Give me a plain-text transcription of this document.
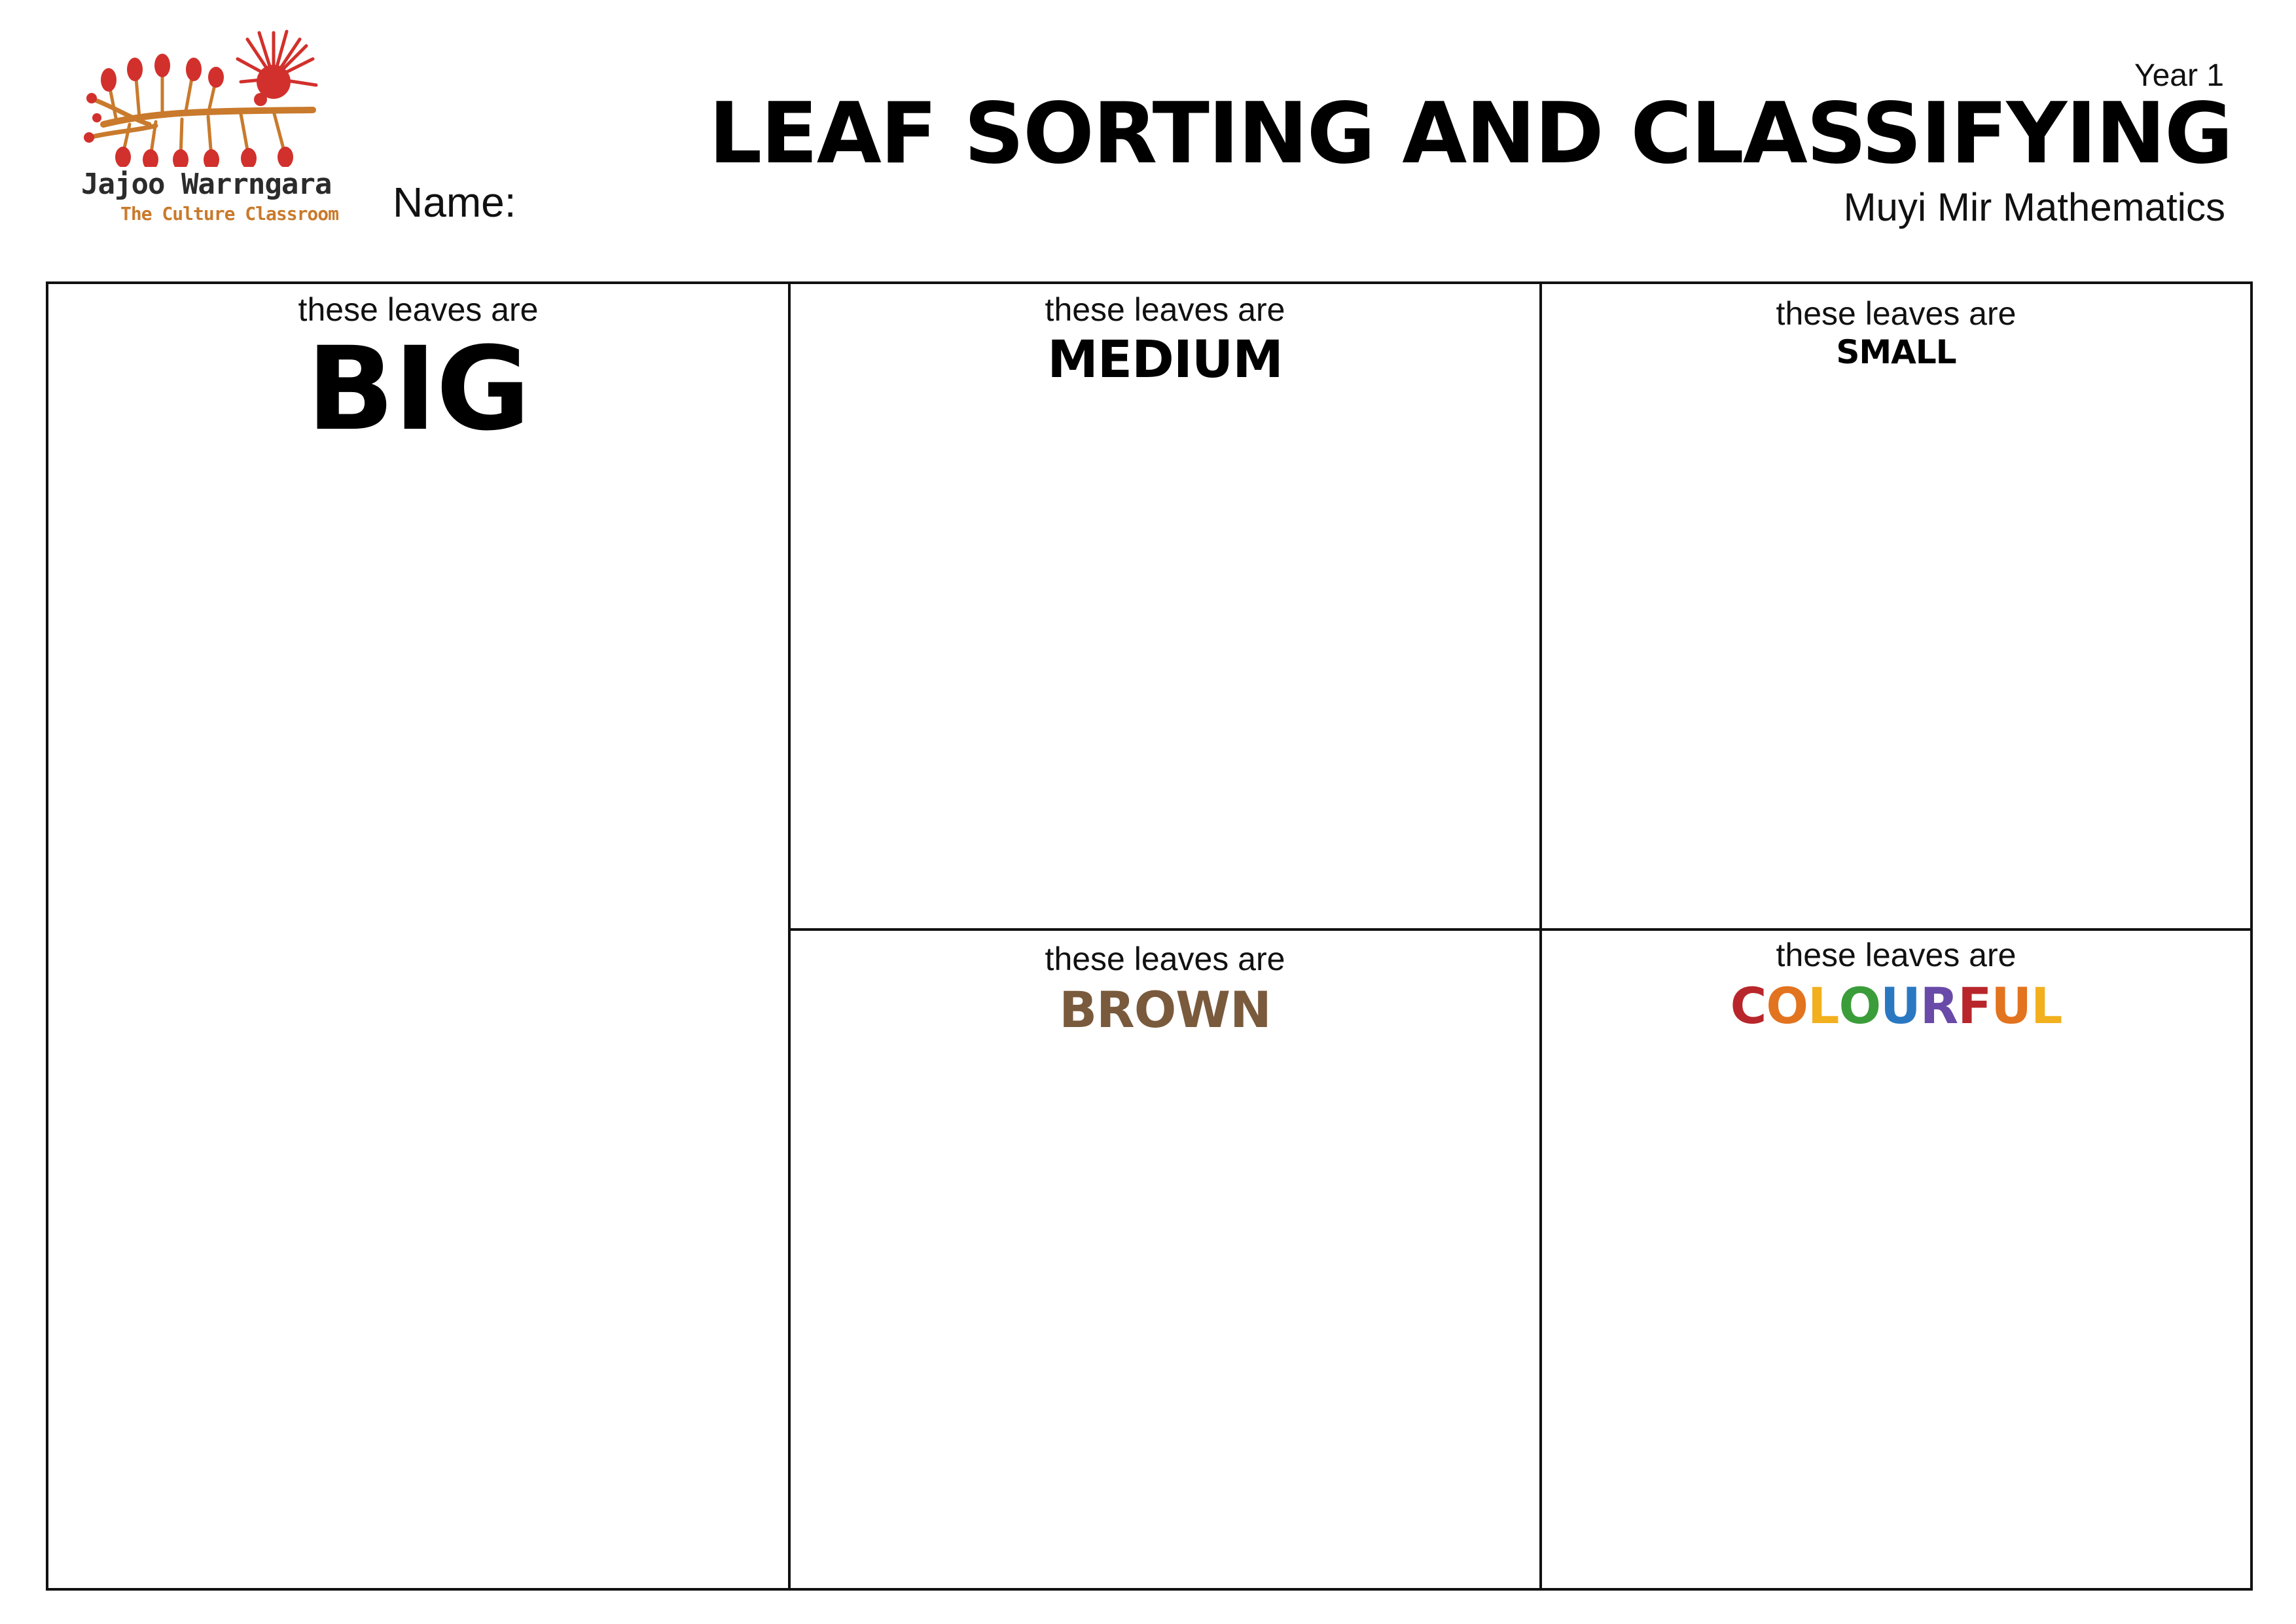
Jajoo Warrngara
The Culture Classroom Name:
Year 1
LEAF SORTING AND CLASSIFYING
Muyi Mir Mathematics
these leaves are
BIG
these leaves are
MEDIUM
these leaves are
SMALL
these leaves are
BROWN
these leaves are
COLOURFUL
